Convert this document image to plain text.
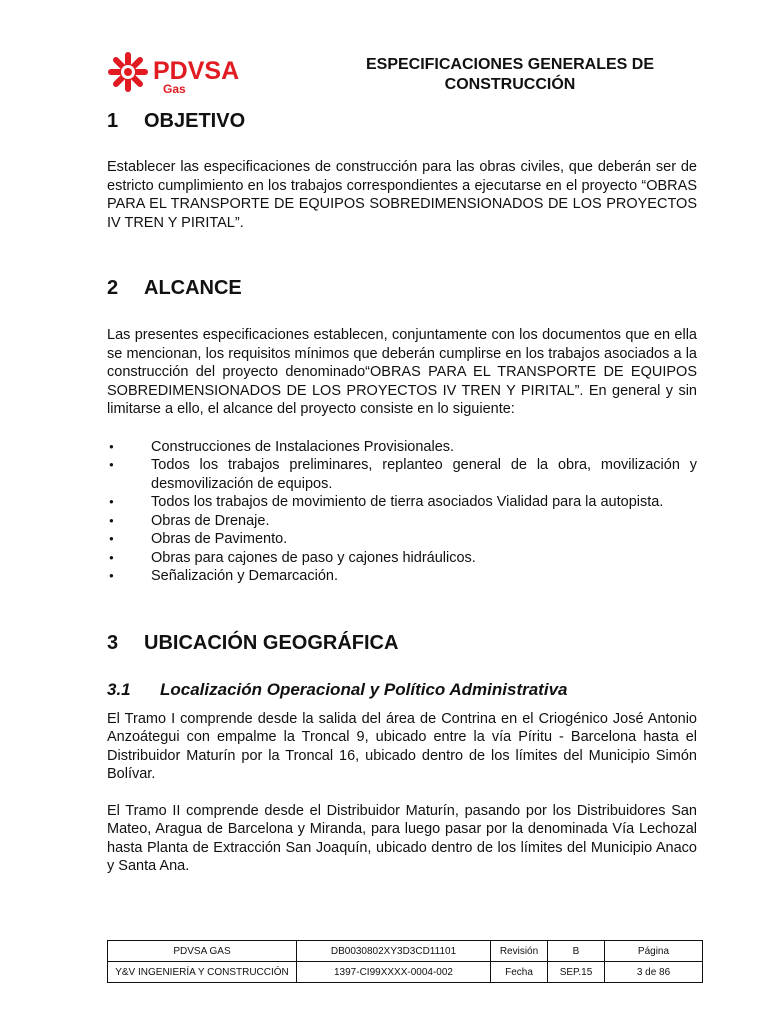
PDVSA
Gas
ESPECIFICACIONES GENERALES DE
CONSTRUCCIÓN
1	OBJETIVO

Establecer las especificaciones de construcción para las obras civiles, que deberán ser de estricto cumplimiento en los trabajos correspondientes a ejecutarse en el proyecto “OBRAS PARA EL TRANSPORTE DE EQUIPOS SOBREDIMENSIONADOS DE LOS PROYECTOS IV TREN Y PIRITAL”.

2	ALCANCE

Las presentes especificaciones establecen, conjuntamente con los documentos que en ella se mencionan, los requisitos mínimos que deberán cumplirse en los trabajos asociados a la construcción del proyecto denominado“OBRAS PARA EL TRANSPORTE DE EQUIPOS SOBREDIMENSIONADOS DE LOS PROYECTOS IV TREN Y PIRITAL”. En general y sin limitarse a ello, el alcance del proyecto consiste en lo siguiente:

● Construcciones de Instalaciones Provisionales.
● Todos los trabajos preliminares, replanteo general de la obra, movilización y desmovilización de equipos.
● Todos los trabajos de movimiento de tierra asociados Vialidad para la autopista.
● Obras de Drenaje.
● Obras de Pavimento.
● Obras para cajones de paso y cajones hidráulicos.
● Señalización y Demarcación.
3	UBICACIÓN GEOGRÁFICA
3.1	Localización Operacional y Político Administrativa

El Tramo I comprende desde la salida del área de Contrina en el Criogénico José Antonio Anzoátegui con empalme la Troncal 9, ubicado entre la vía Píritu - Barcelona hasta el Distribuidor Maturín por la Troncal 16, ubicado dentro de los límites del Municipio Simón Bolívar.

El Tramo II comprende desde el Distribuidor Maturín, pasando por los Distribuidores San Mateo, Aragua de Barcelona y Miranda, para luego pasar por la denominada Vía Lechozal hasta Planta de Extracción San Joaquín, ubicado dentro de los límites del Municipio Anaco y Santa Ana.

PDVSA GAS	DB0030802XY3D3CD11101	Revisión	B	Página
Y&V INGENIERÍA Y CONSTRUCCIÓN	1397-CI99XXXX-0004-002	Fecha	SEP.15	3 de 86
